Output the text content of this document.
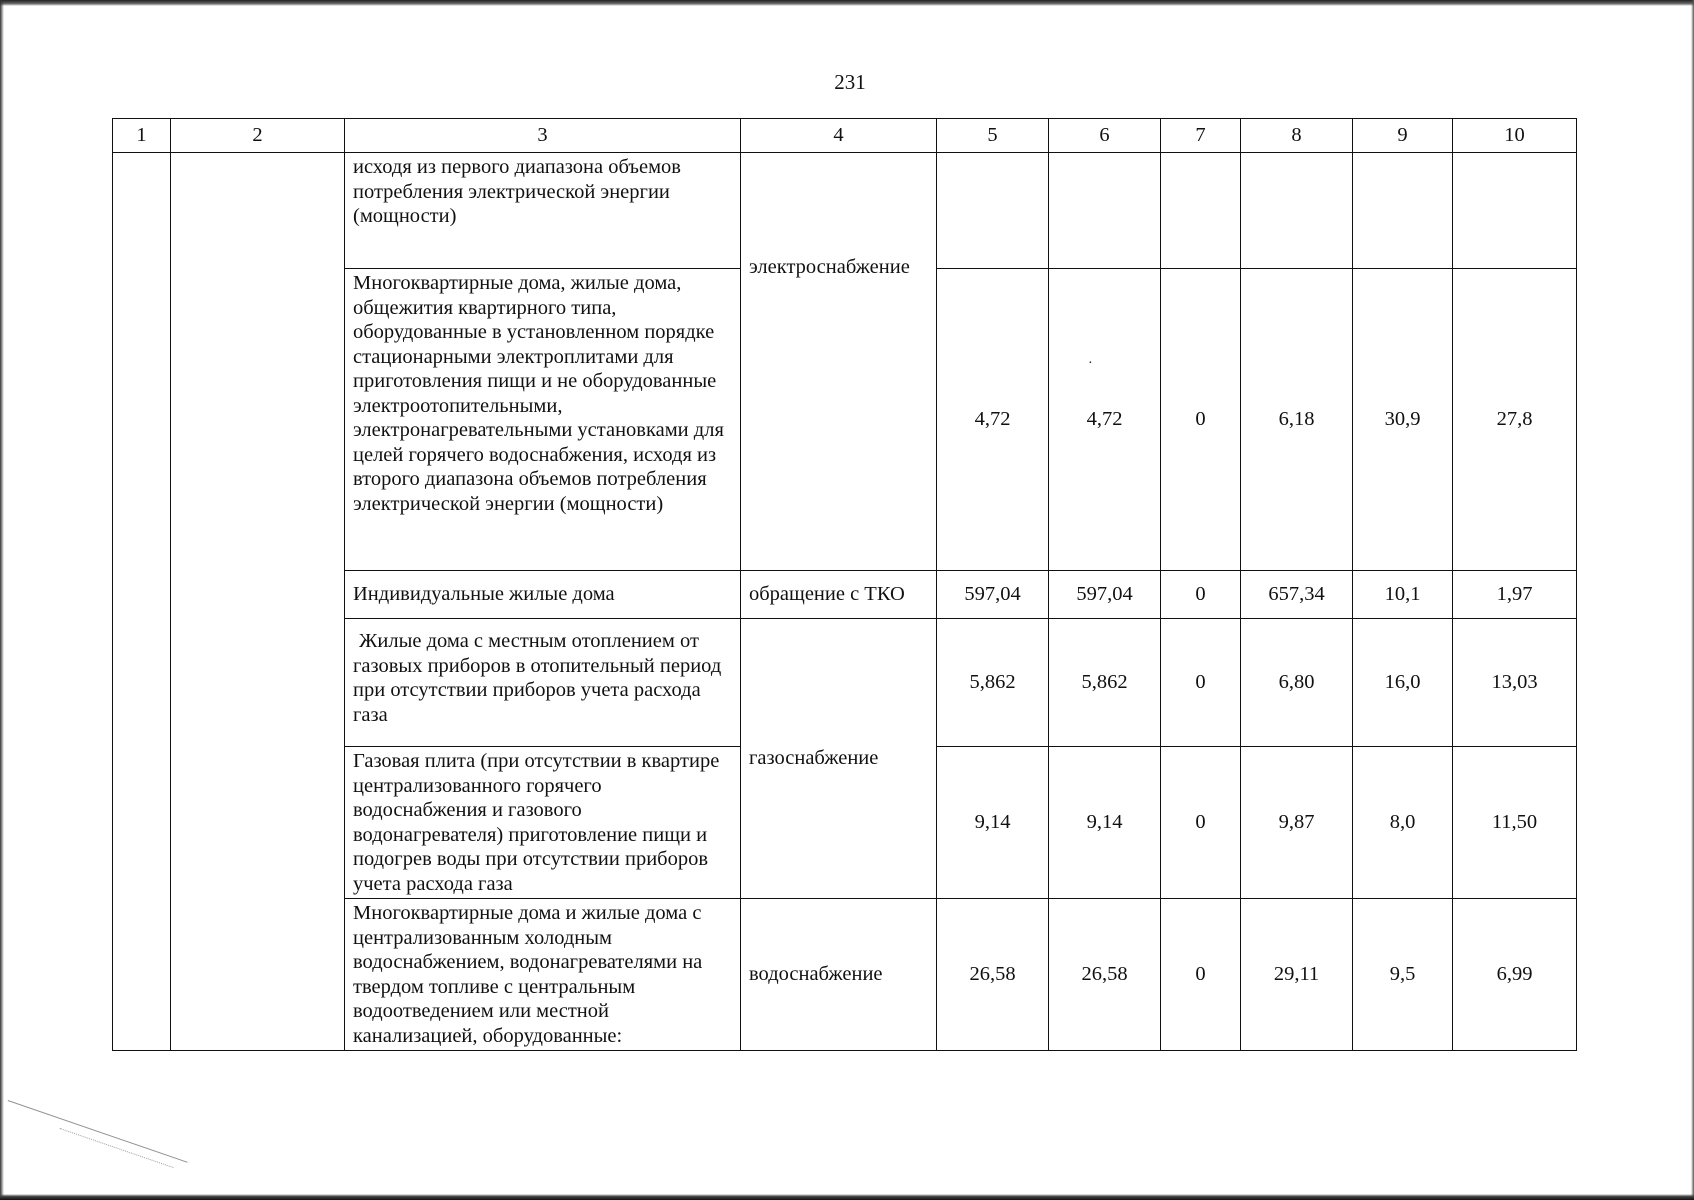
·
231
1	2	3	4	5	6	7	8	9	10
		исходя из первого диапазона объемов потребления электрической энергии (мощности)	электроснабжение						
		Многоквартирные дома, жилые дома, общежития квартирного типа, оборудованные в установленном порядке стационарными электроплитами для приготовления пищи и не оборудованные электроотопительными, электронагревательными установками для целей горячего водоснабжения, исходя из второго диапазона объемов потребления электрической энергии (мощности)		4,72	4,72	0	6,18	30,9	27,8
		Индивидуальные жилые дома	обращение с ТКО	597,04	597,04	0	657,34	10,1	1,97
		Жилые дома с местным отоплением от газовых приборов в отопительный период при отсутствии приборов учета расхода газа	газоснабжение	5,862	5,862	0	6,80	16,0	13,03
		Газовая плита (при отсутствии в квартире централизованного горячего водоснабжения и газового водонагревателя) приготовление пищи и подогрев воды при отсутствии приборов учета расхода газа		9,14	9,14	0	9,87	8,0	11,50
		Многоквартирные дома и жилые дома с централизованным холодным водоснабжением, водонагревателями на твердом топливе с центральным водоотведением или местной канализацией, оборудованные:	водоснабжение	26,58	26,58	0	29,11	9,5	6,99
